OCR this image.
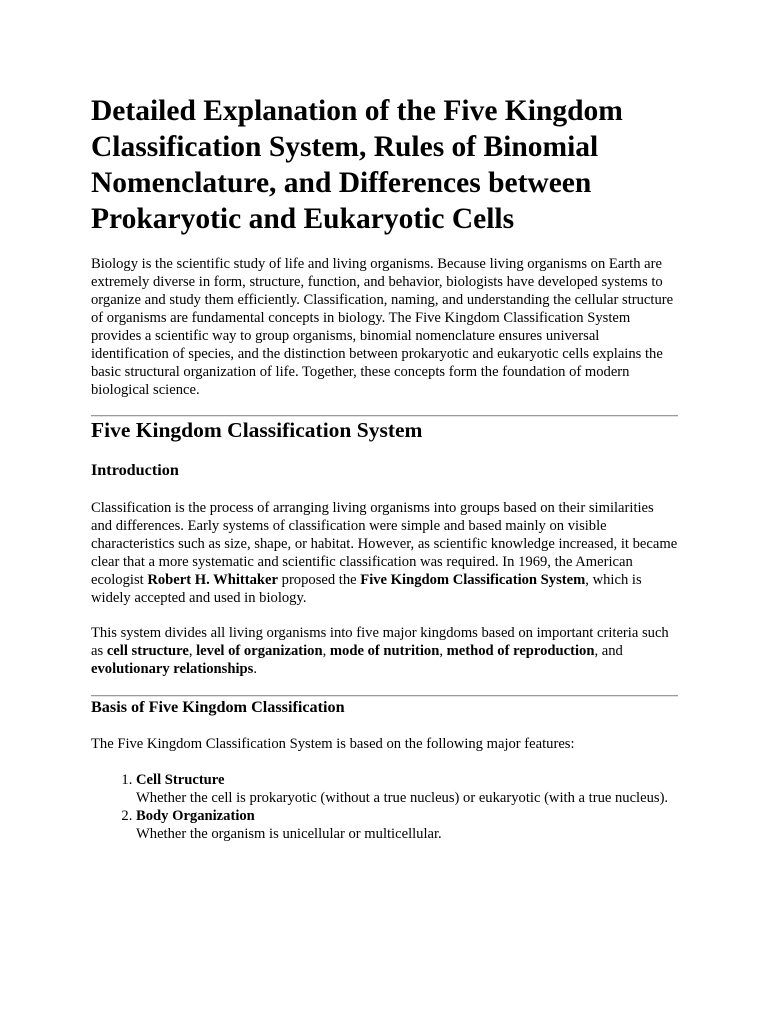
Detailed Explanation of the Five Kingdom Classification System, Rules of Binomial Nomenclature, and Differences between Prokaryotic and Eukaryotic Cells

Biology is the scientific study of life and living organisms. Because living organisms on Earth are extremely diverse in form, structure, function, and behavior, biologists have developed systems to organize and study them efficiently. Classification, naming, and understanding the cellular structure of organisms are fundamental concepts in biology. The Five Kingdom Classification System provides a scientific way to group organisms, binomial nomenclature ensures universal identification of species, and the distinction between prokaryotic and eukaryotic cells explains the basic structural organization of life. Together, these concepts form the foundation of modern biological science.

Five Kingdom Classification System
Introduction

Classification is the process of arranging living organisms into groups based on their similarities and differences. Early systems of classification were simple and based mainly on visible characteristics such as size, shape, or habitat. However, as scientific knowledge increased, it became clear that a more systematic and scientific classification was required. In 1969, the American ecologist Robert H. Whittaker proposed the Five Kingdom Classification System, which is widely accepted and used in biology.

This system divides all living organisms into five major kingdoms based on important criteria such as cell structure, level of organization, mode of nutrition, method of reproduction, and evolutionary relationships.

Basis of Five Kingdom Classification

The Five Kingdom Classification System is based on the following major features:

1. Cell Structure
Whether the cell is prokaryotic (without a true nucleus) or eukaryotic (with a true nucleus).
2. Body Organization
Whether the organism is unicellular or multicellular.
